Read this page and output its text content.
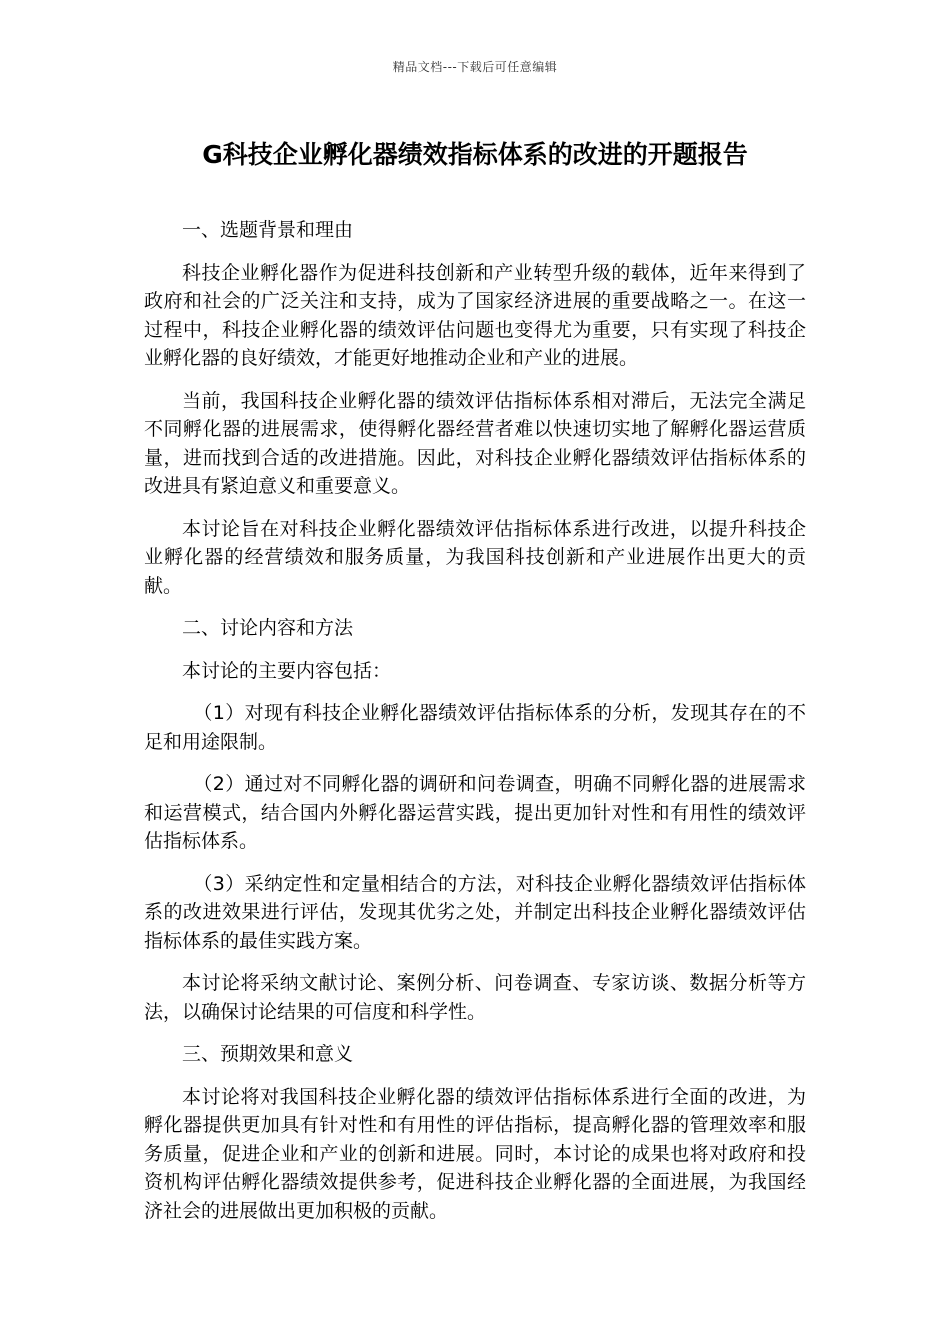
精品文档---下载后可任意编辑
G科技企业孵化器绩效指标体系的改进的开题报告

一、选题背景和理由

科技企业孵化器作为促进科技创新和产业转型升级的载体，近年来得到了政府和社会的广泛关注和支持，成为了国家经济进展的重要战略之一。在这一过程中，科技企业孵化器的绩效评估问题也变得尤为重要，只有实现了科技企业孵化器的良好绩效，才能更好地推动企业和产业的进展。

当前，我国科技企业孵化器的绩效评估指标体系相对滞后，无法完全满足不同孵化器的进展需求，使得孵化器经营者难以快速切实地了解孵化器运营质量，进而找到合适的改进措施。因此，对科技企业孵化器绩效评估指标体系的改进具有紧迫意义和重要意义。

本讨论旨在对科技企业孵化器绩效评估指标体系进行改进，以提升科技企业孵化器的经营绩效和服务质量，为我国科技创新和产业进展作出更大的贡献。

二、讨论内容和方法

本讨论的主要内容包括：

（1）对现有科技企业孵化器绩效评估指标体系的分析，发现其存在的不足和用途限制。

（2）通过对不同孵化器的调研和问卷调查，明确不同孵化器的进展需求和运营模式，结合国内外孵化器运营实践，提出更加针对性和有用性的绩效评估指标体系。

（3）采纳定性和定量相结合的方法，对科技企业孵化器绩效评估指标体系的改进效果进行评估，发现其优劣之处，并制定出科技企业孵化器绩效评估指标体系的最佳实践方案。

本讨论将采纳文献讨论、案例分析、问卷调查、专家访谈、数据分析等方法，以确保讨论结果的可信度和科学性。

三、预期效果和意义

本讨论将对我国科技企业孵化器的绩效评估指标体系进行全面的改进，为孵化器提供更加具有针对性和有用性的评估指标，提高孵化器的管理效率和服务质量，促进企业和产业的创新和进展。同时，本讨论的成果也将对政府和投资机构评估孵化器绩效提供参考，促进科技企业孵化器的全面进展，为我国经济社会的进展做出更加积极的贡献。
